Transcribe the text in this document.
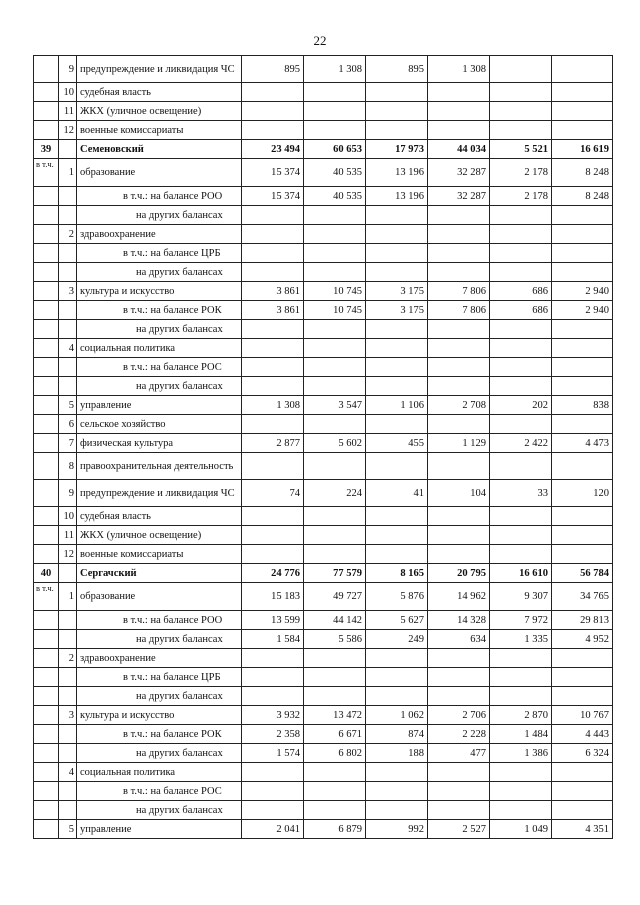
22
	9	предупреждение и ликвидация ЧС	895	1 308	895	1 308		
	10	судебная власть						
	11	ЖКХ (уличное освещение)						
	12	военные комиссариаты						
39		Семеновский	23 494	60 653	17 973	44 034	5 521	16 619
в т.ч.	1	образование	15 374	40 535	13 196	32 287	2 178	8 248
		в т.ч.: на балансе РОО	15 374	40 535	13 196	32 287	2 178	8 248
		на других балансах						
	2	здравоохранение						
		в т.ч.: на балансе ЦРБ						
		на других балансах						
	3	культура и искусство	3 861	10 745	3 175	7 806	686	2 940
		в т.ч.: на балансе РОК	3 861	10 745	3 175	7 806	686	2 940
		на других балансах						
	4	социальная политика						
		в т.ч.: на балансе РОС						
		на других балансах						
	5	управление	1 308	3 547	1 106	2 708	202	838
	6	сельское хозяйство						
	7	физическая культура	2 877	5 602	455	1 129	2 422	4 473
	8	правоохранительная деятельность						
	9	предупреждение и ликвидация ЧС	74	224	41	104	33	120
	10	судебная власть						
	11	ЖКХ (уличное освещение)						
	12	военные комиссариаты						
40		Сергачский	24 776	77 579	8 165	20 795	16 610	56 784
в т.ч.	1	образование	15 183	49 727	5 876	14 962	9 307	34 765
		в т.ч.: на балансе РОО	13 599	44 142	5 627	14 328	7 972	29 813
		на других балансах	1 584	5 586	249	634	1 335	4 952
	2	здравоохранение						
		в т.ч.: на балансе ЦРБ						
		на других балансах						
	3	культура и искусство	3 932	13 472	1 062	2 706	2 870	10 767
		в т.ч.: на балансе РОК	2 358	6 671	874	2 228	1 484	4 443
		на других балансах	1 574	6 802	188	477	1 386	6 324
	4	социальная политика						
		в т.ч.: на балансе РОС						
		на других балансах						
	5	управление	2 041	6 879	992	2 527	1 049	4 351
